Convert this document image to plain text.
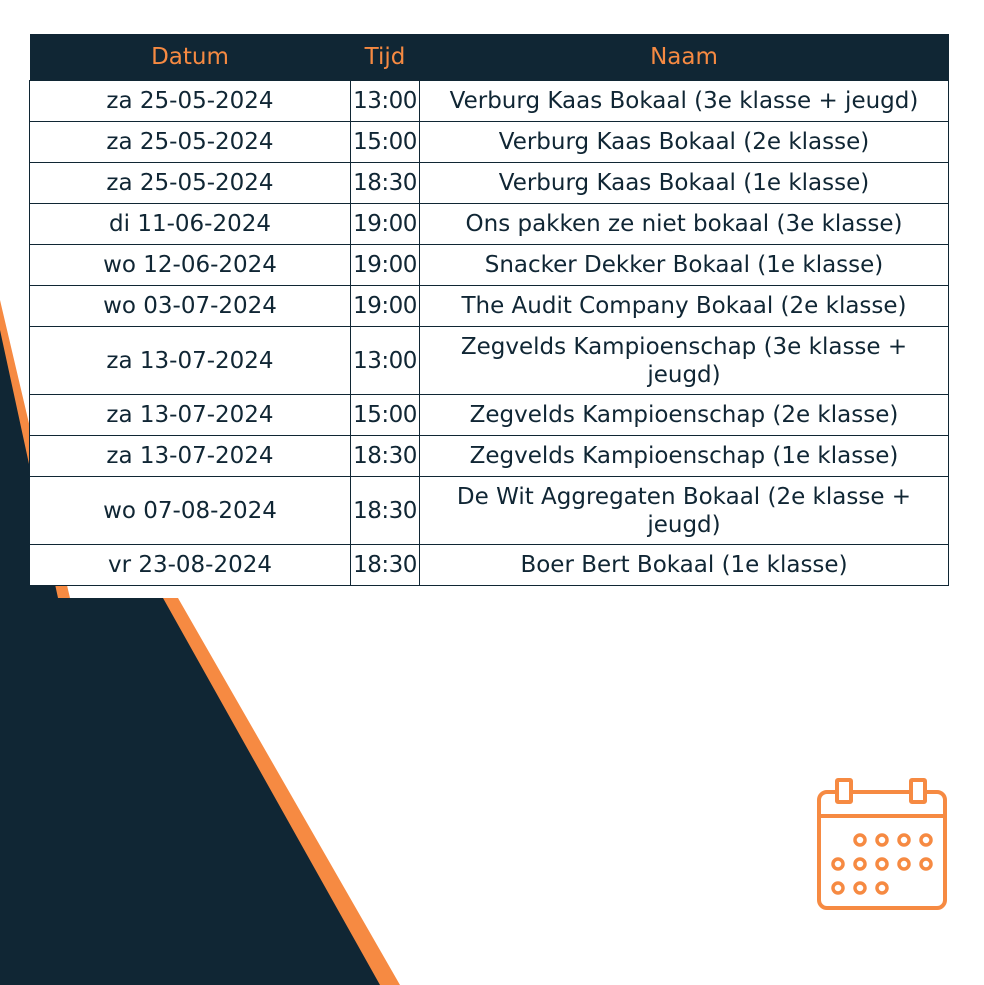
Datum	Tijd	Naam
za 25-05-2024	13:00	Verburg Kaas Bokaal (3e klasse + jeugd)
za 25-05-2024	15:00	Verburg Kaas Bokaal (2e klasse)
za 25-05-2024	18:30	Verburg Kaas Bokaal (1e klasse)
di 11-06-2024	19:00	Ons pakken ze niet bokaal (3e klasse)
wo 12-06-2024	19:00	Snacker Dekker Bokaal (1e klasse)
wo 03-07-2024	19:00	The Audit Company Bokaal (2e klasse)
za 13-07-2024	13:00	Zegvelds Kampioenschap (3e klasse + jeugd)
za 13-07-2024	15:00	Zegvelds Kampioenschap (2e klasse)
za 13-07-2024	18:30	Zegvelds Kampioenschap (1e klasse)
wo 07-08-2024	18:30	De Wit Aggregaten Bokaal (2e klasse + jeugd)
vr 23-08-2024	18:30	Boer Bert Bokaal (1e klasse)
